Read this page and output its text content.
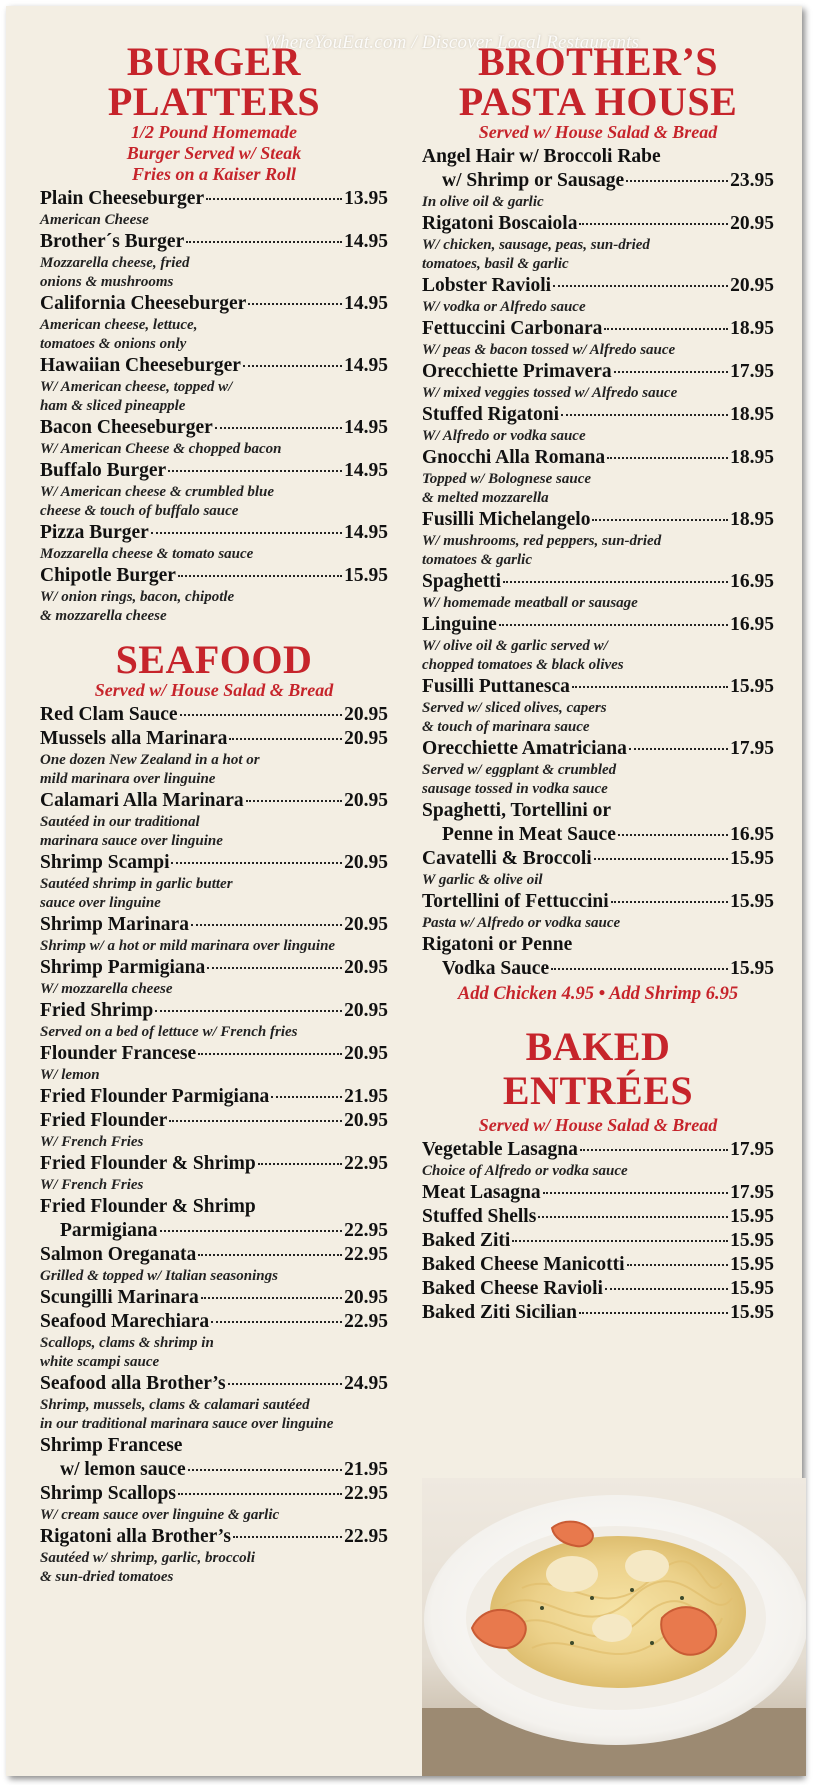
WhereYouEat.com / Discover Local Restaurants
BURGER
PLATTERS
1/2 Pound Homemade
Burger Served w/ Steak
Fries on a Kaiser Roll
Plain Cheeseburger	13.95
American Cheese
Brother´s Burger	14.95
Mozzarella cheese, fried
onions & mushrooms
California Cheeseburger	14.95
American cheese, lettuce,
tomatoes & onions only
Hawaiian Cheeseburger	14.95
W/ American cheese, topped w/
ham & sliced pineapple
Bacon Cheeseburger	14.95
W/ American Cheese & chopped bacon
Buffalo Burger	14.95
W/ American cheese & crumbled blue
cheese & touch of buffalo sauce
Pizza Burger	14.95
Mozzarella cheese & tomato sauce
Chipotle Burger	15.95
W/ onion rings, bacon, chipotle
& mozzarella cheese
SEAFOOD
Served w/ House Salad & Bread
Red Clam Sauce	20.95
Mussels alla Marinara	20.95
One dozen New Zealand in a hot or
mild marinara over linguine
Calamari Alla Marinara	20.95
Sautéed in our traditional
marinara sauce over linguine
Shrimp Scampi	20.95
Sautéed shrimp in garlic butter
sauce over linguine
Shrimp Marinara	20.95
Shrimp w/ a hot or mild marinara over linguine
Shrimp Parmigiana	20.95
W/ mozzarella cheese
Fried Shrimp	20.95
Served on a bed of lettuce w/ French fries
Flounder Francese	20.95
W/ lemon
Fried Flounder Parmigiana	21.95
Fried Flounder	20.95
W/ French Fries
Fried Flounder & Shrimp	22.95
W/ French Fries
Fried Flounder & Shrimp
Parmigiana	22.95
Salmon Oreganata	22.95
Grilled & topped w/ Italian seasonings
Scungilli Marinara	20.95
Seafood Marechiara	22.95
Scallops, clams & shrimp in
white scampi sauce
Seafood alla Brother’s	24.95
Shrimp, mussels, clams & calamari sautéed
in our traditional marinara sauce over linguine
Shrimp Francese
w/ lemon sauce	21.95
Shrimp Scallops	22.95
W/ cream sauce over linguine & garlic
Rigatoni alla Brother’s	22.95
Sautéed w/ shrimp, garlic, broccoli
& sun-dried tomatoes
BROTHER’S
PASTA HOUSE
Served w/ House Salad & Bread
Angel Hair w/ Broccoli Rabe
w/ Shrimp or Sausage	23.95
In olive oil & garlic
Rigatoni Boscaiola	20.95
W/ chicken, sausage, peas, sun-dried
tomatoes, basil & garlic
Lobster Ravioli	20.95
W/ vodka or Alfredo sauce
Fettuccini Carbonara	18.95
W/ peas & bacon tossed w/ Alfredo sauce
Orecchiette Primavera	17.95
W/ mixed veggies tossed w/ Alfredo sauce
Stuffed Rigatoni	18.95
W/ Alfredo or vodka sauce
Gnocchi Alla Romana	18.95
Topped w/ Bolognese sauce
& melted mozzarella
Fusilli Michelangelo	18.95
W/ mushrooms, red peppers, sun-dried
tomatoes & garlic
Spaghetti	16.95
W/ homemade meatball or sausage
Linguine	16.95
W/ olive oil & garlic served w/
chopped tomatoes & black olives
Fusilli Puttanesca	15.95
Served w/ sliced olives, capers
& touch of marinara sauce
Orecchiette Amatriciana	17.95
Served w/ eggplant & crumbled
sausage tossed in vodka sauce
Spaghetti, Tortellini or
Penne in Meat Sauce	16.95
Cavatelli & Broccoli	15.95
W garlic & olive oil
Tortellini of Fettuccini	15.95
Pasta w/ Alfredo or vodka sauce
Rigatoni or Penne
Vodka Sauce	15.95
Add Chicken 4.95 • Add Shrimp 6.95
BAKED
ENTRÉES
Served w/ House Salad & Bread
Vegetable Lasagna	17.95
Choice of Alfredo or vodka sauce
Meat Lasagna	17.95
Stuffed Shells	15.95
Baked Ziti	15.95
Baked Cheese Manicotti	15.95
Baked Cheese Ravioli	15.95
Baked Ziti Sicilian	15.95
